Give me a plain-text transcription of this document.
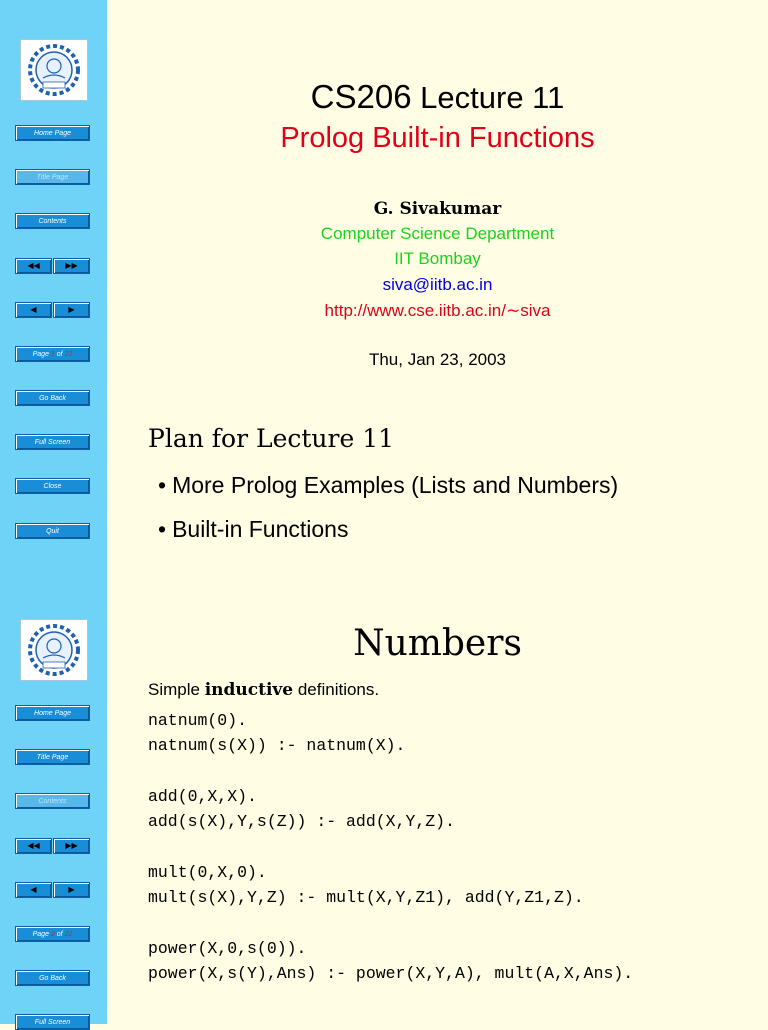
Home Page
Title Page
Contents
◀◀	▶▶
◀	▶
Page 1 of 22
Go Back
Full Screen
Close
Quit
CS206 Lecture 11
Prolog Built-in Functions
G. Sivakumar
Computer Science Department
IIT Bombay
siva@iitb.ac.in
http://www.cse.iitb.ac.in/∼siva
Thu, Jan 23, 2003
Plan for Lecture 11
• More Prolog Examples (Lists and Numbers)
• Built-in Functions
Home Page
Title Page
Contents
◀◀	▶▶
◀	▶
Page 2 of 22
Go Back
Full Screen
Numbers
Simple inductive definitions.
natnum(0).
natnum(s(X)) :- natnum(X).
add(0,X,X).
add(s(X),Y,s(Z)) :- add(X,Y,Z).
mult(0,X,0).
mult(s(X),Y,Z) :- mult(X,Y,Z1), add(Y,Z1,Z).
power(X,0,s(0)).
power(X,s(Y),Ans) :- power(X,Y,A), mult(A,X,Ans).
